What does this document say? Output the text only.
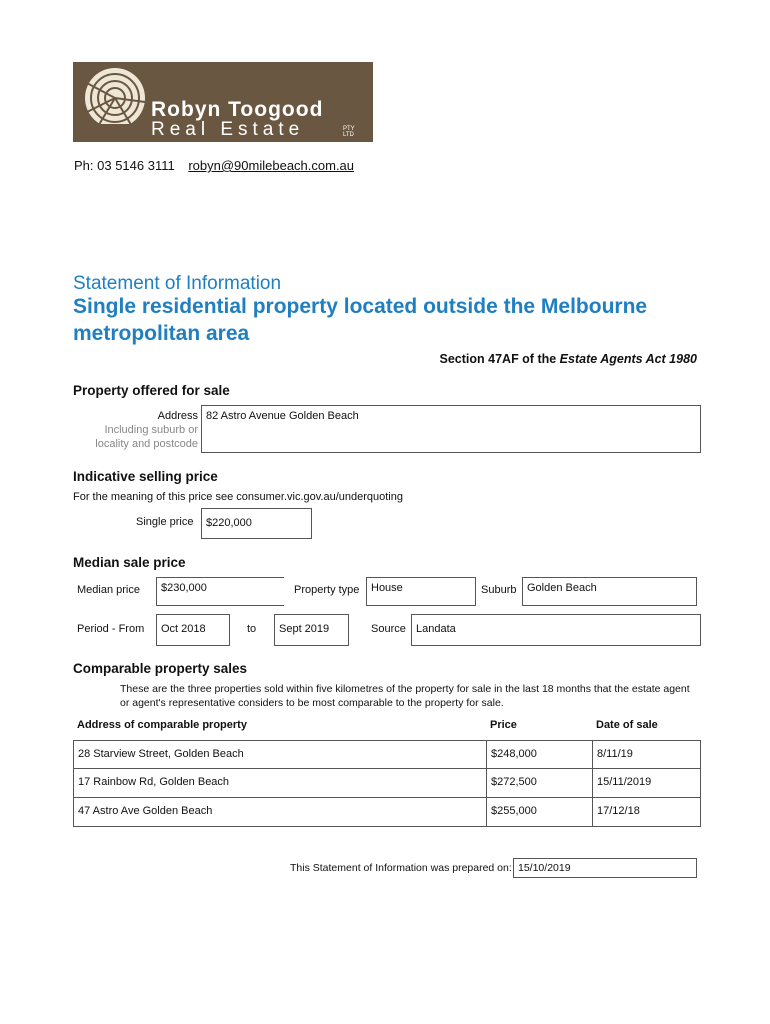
Robyn Toogood
Real Estate	PTY
LTD
Ph: 03 5146 3111 robyn@90milebeach.com.au
Statement of Information
Single residential property located outside the Melbourne metropolitan area
Section 47AF of the Estate Agents Act 1980
Property offered for sale
Address
Including suburb or
locality and postcode
82 Astro Avenue Golden Beach
Indicative selling price
For the meaning of this price see consumer.vic.gov.au/underquoting
Single price	$220,000
Median sale price
Median price	$230,000	Property type	House	Suburb Golden Beach
Period - From	Oct 2018	to	Sept 2019	Source Landata
Comparable property sales
These are the three properties sold within five kilometres of the property for sale in the last 18 months that the estate agent or agent's representative considers to be most comparable to the property for sale.
Address of comparable property	Price	Date of sale
28 Starview Street, Golden Beach	$248,000	8/11/19
17 Rainbow Rd, Golden Beach	$272,500	15/11/2019
47 Astro Ave Golden Beach	$255,000	17/12/18
This Statement of Information was prepared on: 15/10/2019
